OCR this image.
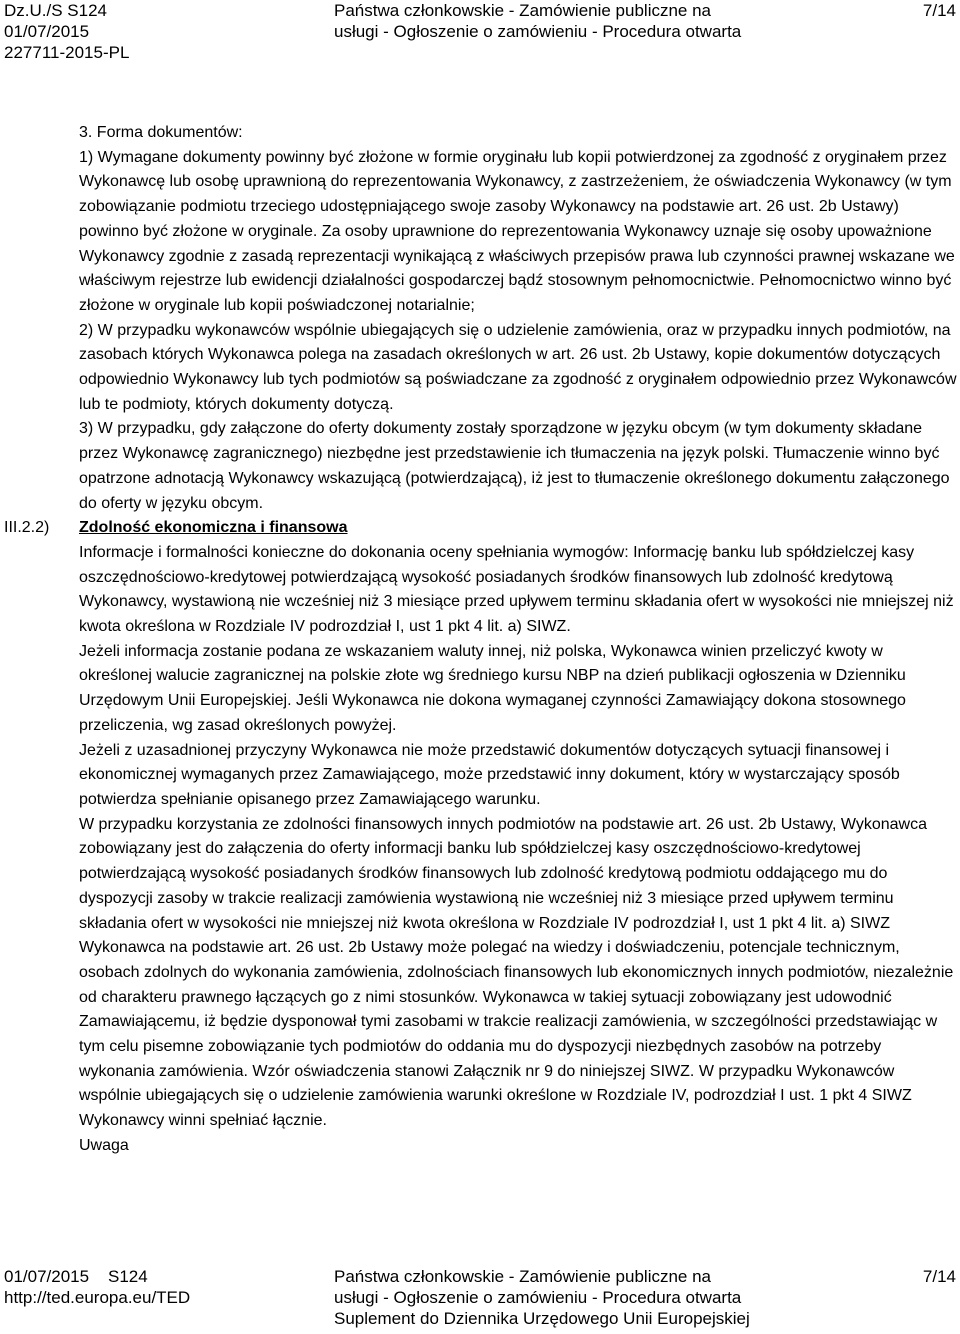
Dz.U./S S124
01/07/2015
227711-2015-PL
Państwa członkowskie - Zamówienie publiczne na
usługi - Ogłoszenie o zamówieniu - Procedura otwarta
7/14

3. Forma dokumentów:

1) Wymagane dokumenty powinny być złożone w formie oryginału lub kopii potwierdzonej za zgodność z oryginałem przez Wykonawcę lub osobę uprawnioną do reprezentowania Wykonawcy, z zastrzeżeniem, że oświadczenia Wykonawcy (w tym zobowiązanie podmiotu trzeciego udostępniającego swoje zasoby Wykonawcy na podstawie art. 26 ust. 2b Ustawy) powinno być złożone w oryginale. Za osoby uprawnione do reprezentowania Wykonawcy uznaje się osoby upoważnione Wykonawcy zgodnie z zasadą reprezentacji wynikającą z właściwych przepisów prawa lub czynności prawnej wskazane we właściwym rejestrze lub ewidencji działalności gospodarczej bądź stosownym pełnomocnictwie. Pełnomocnictwo winno być złożone w oryginale lub kopii poświadczonej notarialnie;

2) W przypadku wykonawców wspólnie ubiegających się o udzielenie zamówienia, oraz w przypadku innych podmiotów, na zasobach których Wykonawca polega na zasadach określonych w art. 26 ust. 2b Ustawy, kopie dokumentów dotyczących odpowiednio Wykonawcy lub tych podmiotów są poświadczane za zgodność z oryginałem odpowiednio przez Wykonawców lub te podmioty, których dokumenty dotyczą.

3) W przypadku, gdy załączone do oferty dokumenty zostały sporządzone w języku obcym (w tym dokumenty składane przez Wykonawcę zagranicznego) niezbędne jest przedstawienie ich tłumaczenia na język polski. Tłumaczenie winno być opatrzone adnotacją Wykonawcy wskazującą (potwierdzającą), iż jest to tłumaczenie określonego dokumentu załączonego do oferty w języku obcym.

III.2.2) Zdolność ekonomiczna i finansowa

Informacje i formalności konieczne do dokonania oceny spełniania wymogów: Informację banku lub spółdzielczej kasy oszczędnościowo-kredytowej potwierdzającą wysokość posiadanych środków finansowych lub zdolność kredytową Wykonawcy, wystawioną nie wcześniej niż 3 miesiące przed upływem terminu składania ofert w wysokości nie mniejszej niż kwota określona w Rozdziale IV podrozdział I, ust 1 pkt 4 lit. a) SIWZ.

Jeżeli informacja zostanie podana ze wskazaniem waluty innej, niż polska, Wykonawca winien przeliczyć kwoty w określonej walucie zagranicznej na polskie złote wg średniego kursu NBP na dzień publikacji ogłoszenia w Dzienniku Urzędowym Unii Europejskiej. Jeśli Wykonawca nie dokona wymaganej czynności Zamawiający dokona stosownego przeliczenia, wg zasad określonych powyżej.

Jeżeli z uzasadnionej przyczyny Wykonawca nie może przedstawić dokumentów dotyczących sytuacji finansowej i ekonomicznej wymaganych przez Zamawiającego, może przedstawić inny dokument, który w wystarczający sposób potwierdza spełnianie opisanego przez Zamawiającego warunku.

W przypadku korzystania ze zdolności finansowych innych podmiotów na podstawie art. 26 ust. 2b Ustawy, Wykonawca zobowiązany jest do załączenia do oferty informacji banku lub spółdzielczej kasy oszczędnościowo-kredytowej potwierdzającą wysokość posiadanych środków finansowych lub zdolność kredytową podmiotu oddającego mu do dyspozycji zasoby w trakcie realizacji zamówienia wystawioną nie wcześniej niż 3 miesiące przed upływem terminu składania ofert w wysokości nie mniejszej niż kwota określona w Rozdziale IV podrozdział I, ust 1 pkt 4 lit. a) SIWZ

Wykonawca na podstawie art. 26 ust. 2b Ustawy może polegać na wiedzy i doświadczeniu, potencjale technicznym, osobach zdolnych do wykonania zamówienia, zdolnościach finansowych lub ekonomicznych innych podmiotów, niezależnie od charakteru prawnego łączących go z nimi stosunków. Wykonawca w takiej sytuacji zobowiązany jest udowodnić Zamawiającemu, iż będzie dysponował tymi zasobami w trakcie realizacji zamówienia, w szczególności przedstawiając w tym celu pisemne zobowiązanie tych podmiotów do oddania mu do dyspozycji niezbędnych zasobów na potrzeby wykonania zamówienia. Wzór oświadczenia stanowi Załącznik nr 9 do niniejszej SIWZ. W przypadku Wykonawców wspólnie ubiegających się o udzielenie zamówienia warunki określone w Rozdziale IV, podrozdział I ust. 1 pkt 4 SIWZ Wykonawcy winni spełniać łącznie.

Uwaga

01/07/2015    S124
http://ted.europa.eu/TED
Państwa członkowskie - Zamówienie publiczne na
usługi - Ogłoszenie o zamówieniu - Procedura otwarta
Suplement do Dziennika Urzędowego Unii Europejskiej
7/14
